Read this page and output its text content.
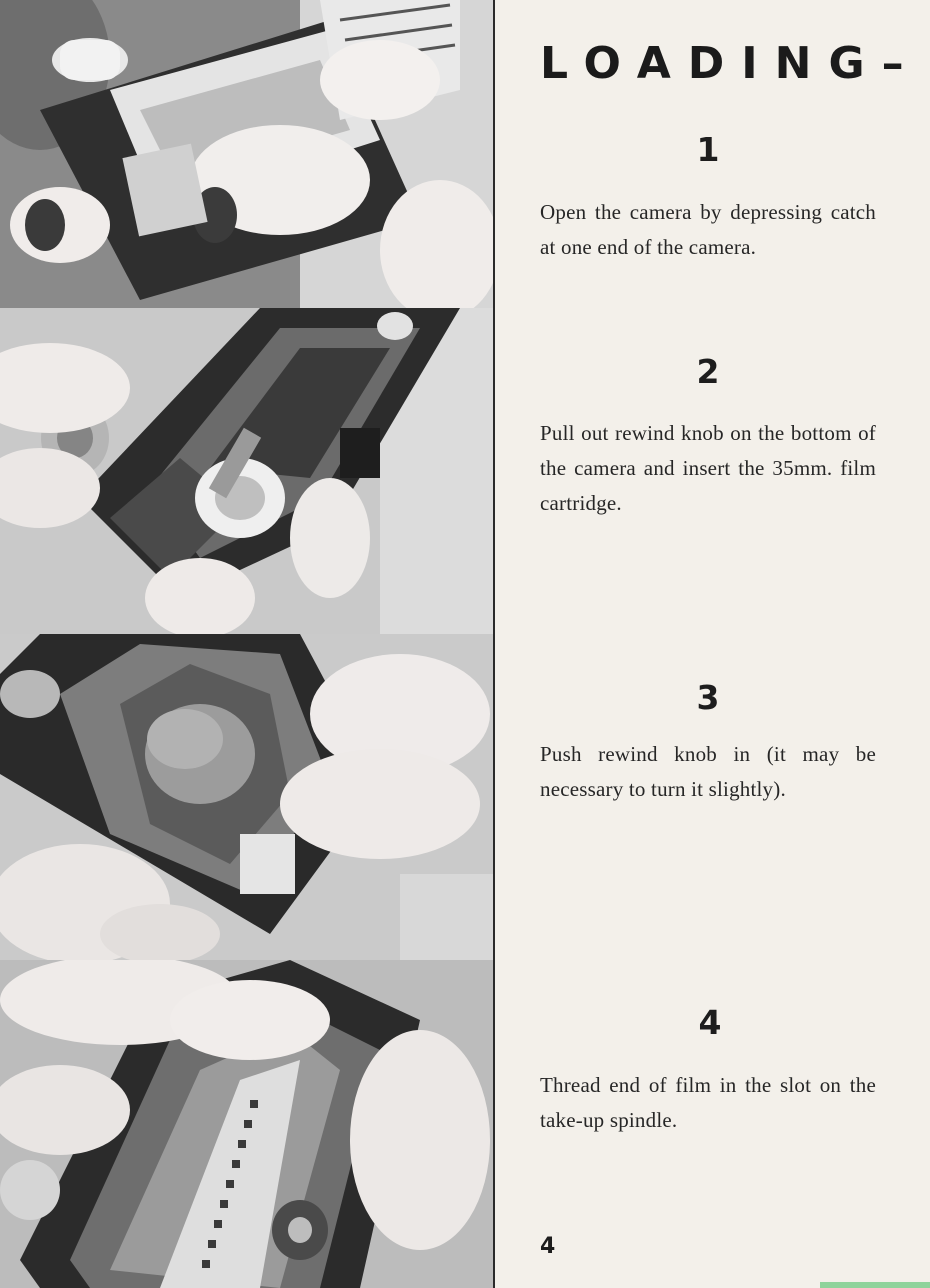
LOADING–
1
Open the camera by depressing catch at one end of the camera.
2
Pull out rewind knob on the bottom of the camera and insert the 35mm. film cartridge.
3
Push rewind knob in (it may be necessary to turn it slightly).
4
Thread end of film in the slot on the take-up spindle.
4
